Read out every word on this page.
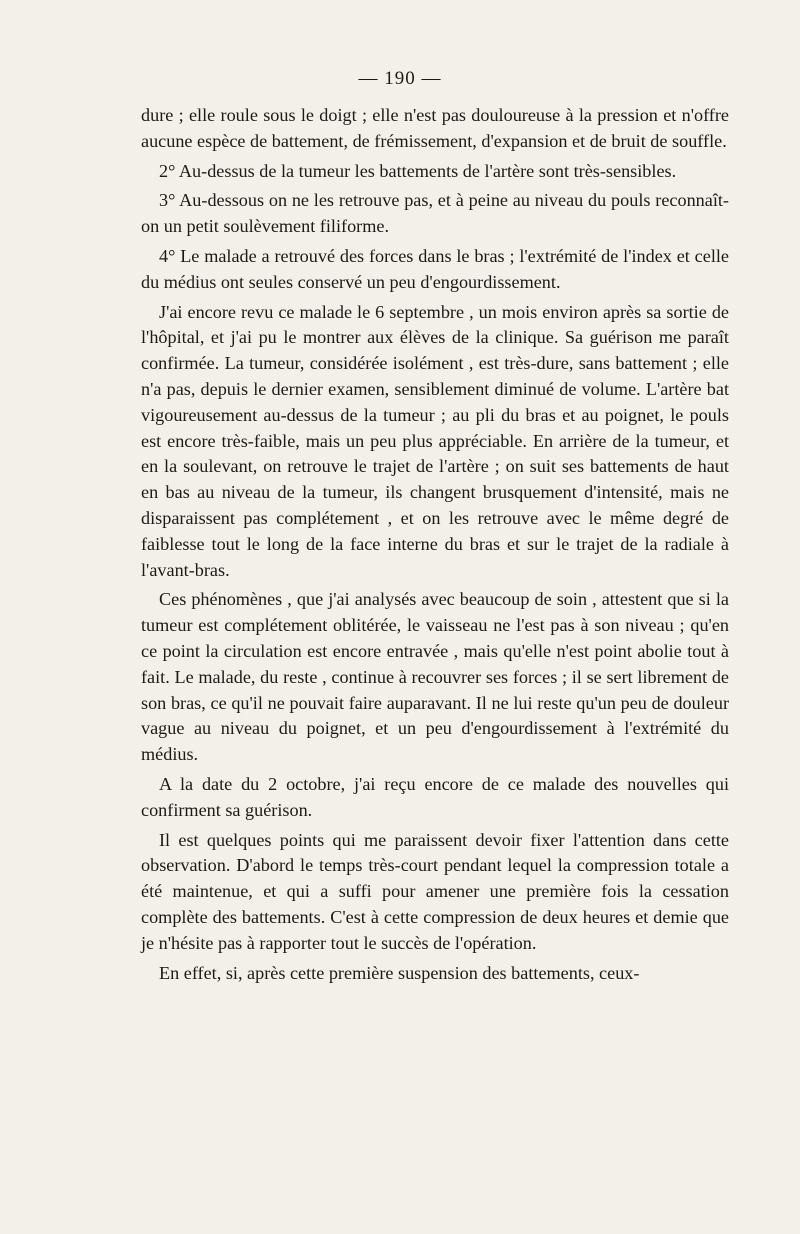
— 190 —

dure ; elle roule sous le doigt ; elle n'est pas douloureuse à la pression et n'offre aucune espèce de battement, de frémissement, d'expansion et de bruit de souffle.

2° Au-dessus de la tumeur les battements de l'artère sont très-sensibles.

3° Au-dessous on ne les retrouve pas, et à peine au niveau du pouls reconnaît-on un petit soulèvement filiforme.

4° Le malade a retrouvé des forces dans le bras ; l'extrémité de l'index et celle du médius ont seules conservé un peu d'engourdissement.

J'ai encore revu ce malade le 6 septembre , un mois environ après sa sortie de l'hôpital, et j'ai pu le montrer aux élèves de la clinique. Sa guérison me paraît confirmée. La tumeur, considérée isolément , est très-dure, sans battement ; elle n'a pas, depuis le dernier examen, sensiblement diminué de volume. L'artère bat vigoureusement au-dessus de la tumeur ; au pli du bras et au poignet, le pouls est encore très-faible, mais un peu plus appréciable. En arrière de la tumeur, et en la soulevant, on retrouve le trajet de l'artère ; on suit ses battements de haut en bas au niveau de la tumeur, ils changent brusquement d'intensité, mais ne disparaissent pas complétement , et on les retrouve avec le même degré de faiblesse tout le long de la face interne du bras et sur le trajet de la radiale à l'avant-bras.

Ces phénomènes , que j'ai analysés avec beaucoup de soin , attestent que si la tumeur est complétement oblitérée, le vaisseau ne l'est pas à son niveau ; qu'en ce point la circulation est encore entravée , mais qu'elle n'est point abolie tout à fait. Le malade, du reste , continue à recouvrer ses forces ; il se sert librement de son bras, ce qu'il ne pouvait faire auparavant. Il ne lui reste qu'un peu de douleur vague au niveau du poignet, et un peu d'engourdissement à l'extrémité du médius.

A la date du 2 octobre, j'ai reçu encore de ce malade des nouvelles qui confirment sa guérison.

Il est quelques points qui me paraissent devoir fixer l'attention dans cette observation. D'abord le temps très-court pendant lequel la compression totale a été maintenue, et qui a suffi pour amener une première fois la cessation complète des battements. C'est à cette compression de deux heures et demie que je n'hésite pas à rapporter tout le succès de l'opération.

En effet, si, après cette première suspension des battements, ceux-
